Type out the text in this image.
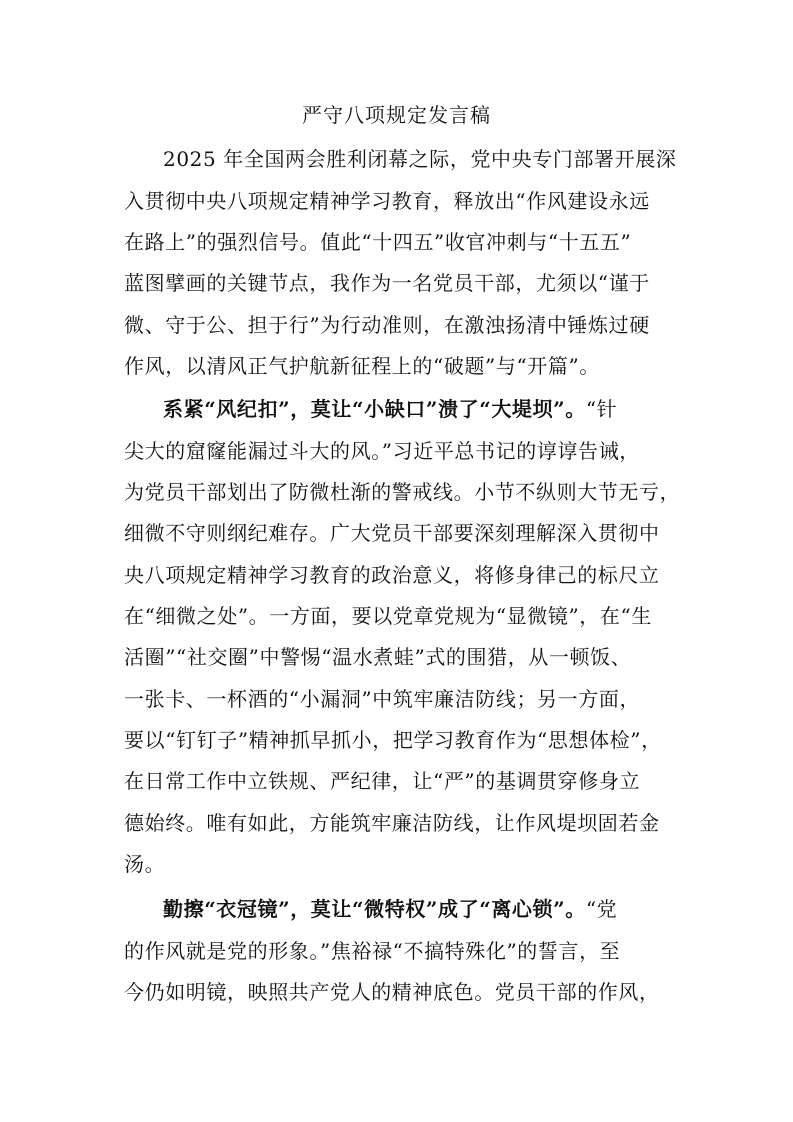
严守八项规定发言稿
2025 年全国两会胜利闭幕之际，党中央专门部署开展深
入贯彻中央八项规定精神学习教育，释放出“作风建设永远
在路上”的强烈信号。值此“十四五”收官冲刺与“十五五”
蓝图擘画的关键节点，我作为一名党员干部，尤须以“谨于
微、守于公、担于行”为行动准则，在激浊扬清中锤炼过硬
作风，以清风正气护航新征程上的“破题”与“开篇”。
系紧“风纪扣”，莫让“小缺口”溃了“大堤坝”。“针
尖大的窟窿能漏过斗大的风。”习近平总书记的谆谆告诫，
为党员干部划出了防微杜渐的警戒线。小节不纵则大节无亏，
细微不守则纲纪难存。广大党员干部要深刻理解深入贯彻中
央八项规定精神学习教育的政治意义，将修身律己的标尺立
在“细微之处”。一方面，要以党章党规为“显微镜”，在“生
活圈”“社交圈”中警惕“温水煮蛙”式的围猎，从一顿饭、
一张卡、一杯酒的“小漏洞”中筑牢廉洁防线；另一方面，
要以“钉钉子”精神抓早抓小，把学习教育作为“思想体检”，
在日常工作中立铁规、严纪律，让“严”的基调贯穿修身立
德始终。唯有如此，方能筑牢廉洁防线，让作风堤坝固若金
汤。
勤擦“衣冠镜”，莫让“微特权”成了“离心锁”。“党
的作风就是党的形象。”焦裕禄“不搞特殊化”的誓言，至
今仍如明镜，映照共产党人的精神底色。党员干部的作风，
